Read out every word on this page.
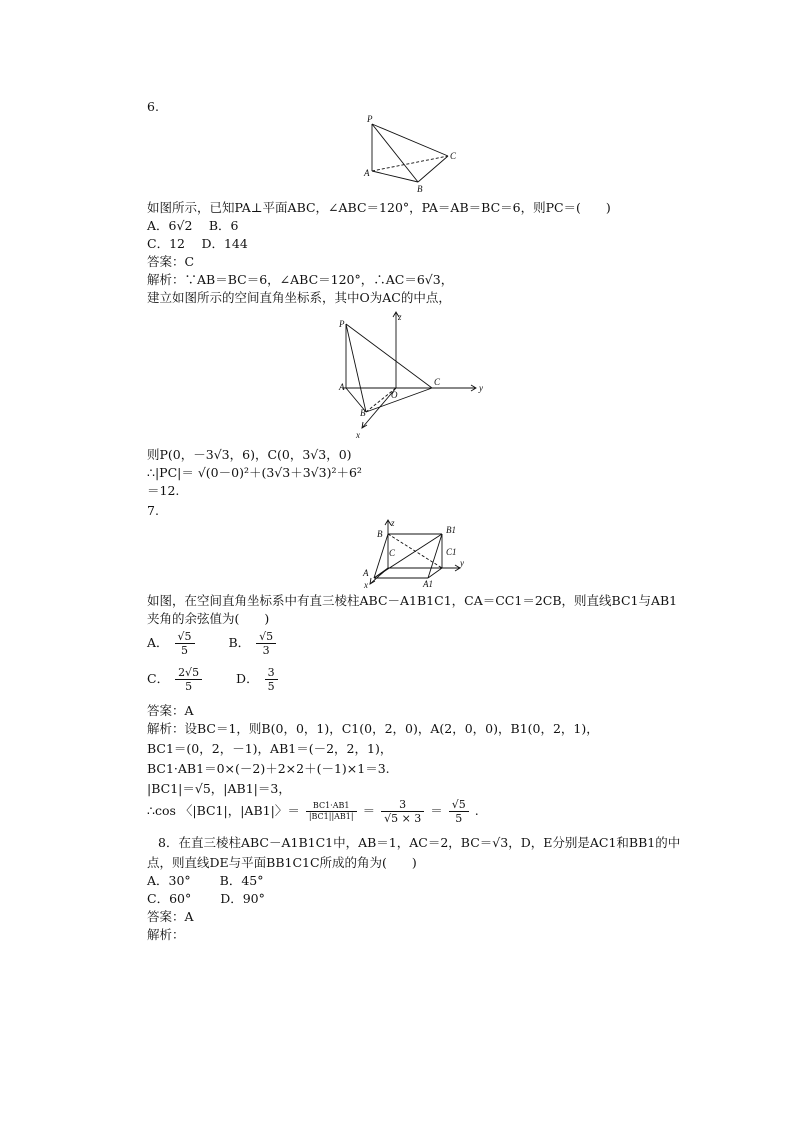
6.
P
A
B
C
如图所示，已知PA⊥平面ABC，∠ABC＝120°，PA＝AB＝BC＝6，则PC＝(　　)
A．6√2　 B．6
C．12　 D．144
答案：C
解析：∵AB＝BC＝6，∠ABC＝120°，∴AC＝6√3，
建立如图所示的空间直角坐标系，其中O为AC的中点，
P
z
A
O
C
y
B
x
则P(0，－3√3，6)，C(0，3√3，0)
∴|PC|＝ √(0－0)²＋(3√3＋3√3)²＋6²
＝12.
7.
z
B	B1
C	C1
A
A1
y
x
如图，在空间直角坐标系中有直三棱柱ABC－A1B1C1，CA＝CC1＝2CB，则直线BC1与AB1
夹角的余弦值为(　　)
A． $\frac{√5}{5}$	B． $\frac{√5}{3}$
C． $\frac{2√5}{5}$	D． $\frac{3}{5}$
答案：A
解析：设BC＝1，则B(0，0，1)，C1(0，2，0)，A(2，0，0)，B1(0，2，1)，
BC1＝(0，2，－1)，AB1＝(－2，2，1)，
BC1·AB1＝0×(－2)＋2×2＋(－1)×1＝3.
|BC1|＝√5，|AB1|＝3，
∴cos 〈|BC1|，|AB1|〉＝ $\frac{BC1\cdot AB1}{|BC1||AB1|} = \frac{3}{√5 \times 3} = \frac{√5}{5}$ .
8．在直三棱柱ABC－A1B1C1中，AB＝1，AC＝2，BC＝√3，D，E分别是AC1和BB1的中
点，则直线DE与平面BB1C1C所成的角为(　　)
A．30°　　 B．45°
C．60°　　 D．90°
答案：A
解析：
